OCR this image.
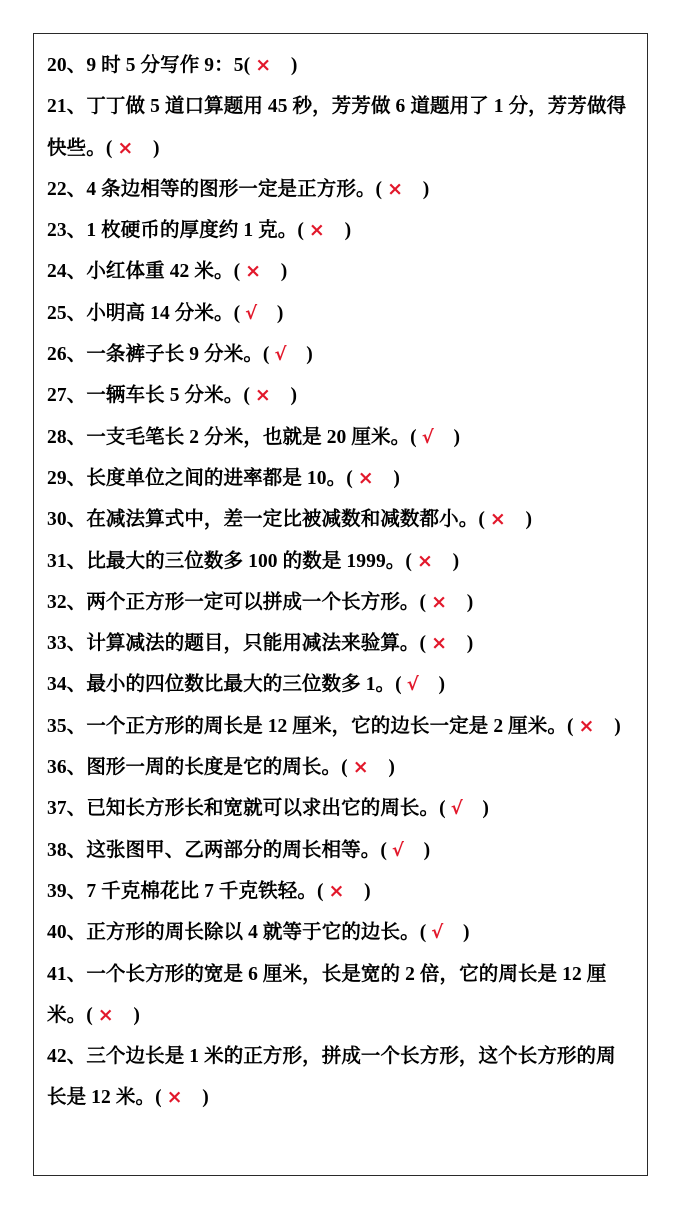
20、9 时 5 分写作 9：5( ×  )
21、丁丁做 5 道口算题用 45 秒，芳芳做 6 道题用了 1 分，芳芳做得快些。( ×  )
22、4 条边相等的图形一定是正方形。( ×  )
23、1 枚硬币的厚度约 1 克。( ×  )
24、小红体重 42 米。( ×  )
25、小明高 14 分米。( √  )
26、一条裤子长 9 分米。( √  )
27、一辆车长 5 分米。( ×  )
28、一支毛笔长 2 分米，也就是 20 厘米。( √  )
29、长度单位之间的进率都是 10。( ×  )
30、在减法算式中，差一定比被减数和减数都小。( ×  )
31、比最大的三位数多 100 的数是 1999。( ×  )
32、两个正方形一定可以拼成一个长方形。( ×  )
33、计算减法的题目，只能用减法来验算。( ×  )
34、最小的四位数比最大的三位数多 1。( √  )
35、一个正方形的周长是 12 厘米，它的边长一定是 2 厘米。( ×  )
36、图形一周的长度是它的周长。( ×  )
37、已知长方形长和宽就可以求出它的周长。( √  )
38、这张图甲、乙两部分的周长相等。( √  )
39、7 千克棉花比 7 千克铁轻。( ×  )
40、正方形的周长除以 4 就等于它的边长。( √  )
41、一个长方形的宽是 6 厘米，长是宽的 2 倍，它的周长是 12 厘米。( ×  )
42、三个边长是 1 米的正方形，拼成一个长方形，这个长方形的周长是 12 米。( ×  )
